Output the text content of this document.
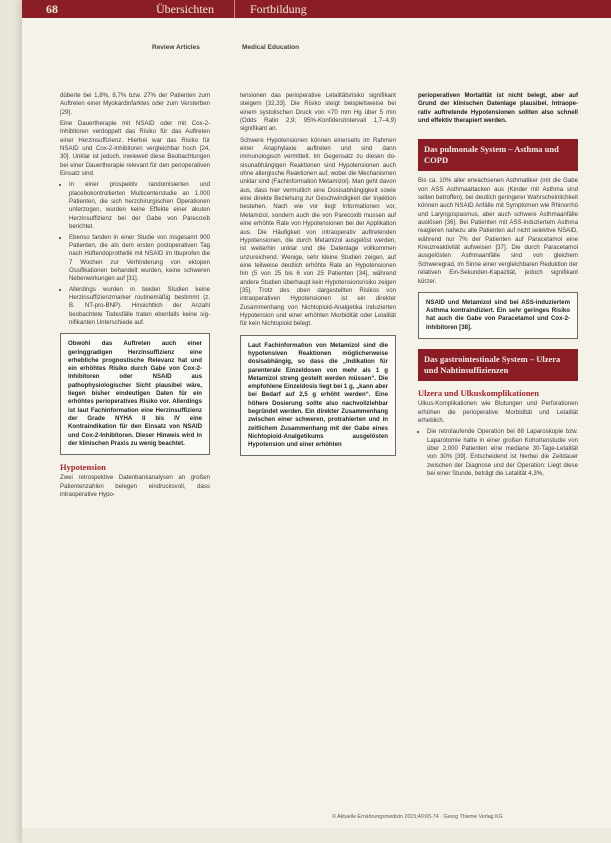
68	Übersichten	Fortbildung
Review Articles	Medical Education

düberte bei 1,8%, 8,7% bzw. 27% der Patienten zum Auftreten einer Myokardinfarktes oder zum Versterben [29].

Eine Dauertherapie mit NSAID oder mit Cox-2-Inhibitoren verdoppelt das Risiko für das Auftreten einer Herzinsuffizienz. Hierbei war das Risiko für NSAID und Cox-2-Inhibitoren vergleichbar hoch [24, 30]. Unklar ist jedoch, inwieweit diese Beobachtungen bei einer Dauertherapie relevant für den perioperativen Einsatz sind.

• In einer prospektiv randomisierten und placebokontrollierten Multicenterstudie an 1.000 Patienten, die sich herzchirurgischen Operationen unterzogen, wurden keine Effekte einer akuten Herzinsuffizienz bei der Gabe von Parecoxib berichtet.
• Ebenso fanden in einer Studie von insgesamt 900 Patienten, die als dem ersten postoperativen Tag nach Hüftendoprothetik mit NSAID im Ibuprofen die 7 Wochen zur Verhinderung von ektopen Ossifikationen behandelt wurden, keine schweren Nebenwirkungen auf [31].
• Allerdings wurden in beiden Studien keine Herzinsuffizienzmarker routinemäßig bestimmt (z. B. NT-pro-BNP). Hinsichtlich der Anzahl beobachtete Todesfälle traten ebenfalls keine signifikanten Unterschiede auf.
Obwohl das Auftreten auch einer geringgradigen Herzinsuffizienz eine erhebliche prognostische Relevanz hat und ein erhöhtes Risiko durch Gabe von Cox-2-Inhibitoren oder NSAID aus pathophysiologischer Sicht plausibel wäre, liegen bisher eindeutigen Daten für ein erhöhtes perioperatives Risiko vor. Allerdings ist laut Fachinformation eine Herzinsuffizienz der Grade NYHA II bis IV eine Kontraindikation für den Einsatz von NSAID und Cox-2-Inhibitoren. Dieser Hinweis wird in der klinischen Praxis zu wenig beachtet.
Hypotension

Zwei retrospektive Datenbankanalysen an großen Patientenzahlen belegen eindrucksvoll, dass intraoperative Hypo-

tensionen das perioperative Letalitätsrisiko signifikant steigern [32,33]. Die Risiko steigt beispielsweise bei einem systolischen Druck von <70 mm Hg über 5 min (Odds Ratio 2,9; 95%-Konfidenzintervall 1,7–4,9) signifikant an.

Schwere Hypotensionen können einerseits im Rahmen einer Anaphylaxie auftreten und sind dann immunologisch vermittelt. Im Gegensatz zu diesen dosisunabhängigen Reaktionen sind Hypotensionen auch ohne allergische Reaktionen auf, wobei die Mechanismen unklar sind (Fachinformation Metamizol). Man geht davon aus, dass hier vermutlich eine Dosisabhängigkeit sowie eine direkte Beziehung zur Geschwindigkeit der Injektion bestehen. Nach wie vor liegt Informationen vor, Metamizol, sondern auch die von Parecoxib mussen auf eine erhöhte Rate von Hypotensionen bei der Applikation aus. Die Häufigkeit von intraoperativ auftretenden Hypotensionen, die durch Metamizol ausgelöst werden, ist weiterhin unklar und die Datenlage vollkommen unzureichend. Wenige, sehr kleine Studien zeigen, auf eine teilweise deutlich erhöhte Rate an Hypotensionen hin (5 von 25 bis 6 von 25 Patienten [34], während andere Studien überhaupt kein Hypotensionsrisiko zeigen [35]. Trotz des oben dargestellten Risikos von intraoperativen Hypotensionen ist ein direkter Zusammenhang von Nichtopioid-Analgetika induzierten Hypotension und einer erhöhten Morbidität oder Letalität für kein Nichtopioid belegt.

Laut Fachinformation von Metamizol sind die hypotensiven Reaktionen möglicherweise dosisabhängig, so dass die „Indikation für parenterale Einzeldosen von mehr als 1 g Metamizol streng gestellt werden müssen“. Die empfohlene Einzeldosis liegt bei 1 g, „kann aber bei Bedarf auf 2,5 g erhöht werden“. Eine höhere Dosierung sollte also nachvollziehbar begründet werden. Ein direkter Zusammenhang zwischen einer schweren, protrahierten und in zeitlichem Zusammenhang mit der Gabe eines Nichtopioid-Analgetikums ausgelösten Hypotension und einer erhöhten
perioperativen Mortalität ist nicht belegt, aber auf Grund der klinischen Datenlage plausibel. Intraoperativ auftretende Hypotensionen sollten also schnell und effektiv therapiert werden.
Das pulmonale System – Asthma und COPD

Bis ca. 10% aller erwachsenen Asthmatiker (mit die Gabe von ASS Asthmaattacken aus (Kinder mit Asthma sind selten betroffen), bei deutlich geringerer Wahrscheinlichkeit können auch NSAID Anfälle mit Symptomen wie Rhinorrhö und Laryngospasmus, aber auch schwere Asthmaanfälle auslösen [36]. Bei Patienten mit ASS-induziertem Asthma reagieren nahezu alle Patienten auf nicht selektive NSAID, während nur 7% der Patienten auf Paracetamol eine Kreuzreaktivität aufweisen [37]. Die durch Paracetamol ausgelösten Asthmaanfälle sind von gleichem Schweregrad, im Sinne einer vergleichbaren Reduktion der relativen Ein-Sekunden-Kapazität, jedoch signifikant kürzer.

NSAID und Metamizol sind bei ASS-induziertem Asthma kontraindiziert. Ein sehr geringes Risiko hat auch die Gabe von Paracetamol und Cox-2-Inhibitoren [38].
Das gastrointestinale System – Ulzera und Nahtinsuffizienzen
Ulzera und Ulkuskomplikationen

Ulkus-Komplikationen wie Blutungen und Perforationen erhöhen die perioperative Morbidität und Letalität erheblich.

• Die retrolaufende Operation bei 88 Laparoskopie bzw. Laparotomie hatte in einer großen Kohortenstudie von über 2.000 Patienten eine mediane 30-Tage-Letalität von 30% [39]. Entscheidend ist hierbei die Zeitdauer zwischen der Diagnose und der Operation: Liegt diese bei einer Stunde, beträgt die Letalität 4,3%,
© Aktuelle Ernährungsmedizin 2015;40:65-74 · Georg Thieme Verlag KG
